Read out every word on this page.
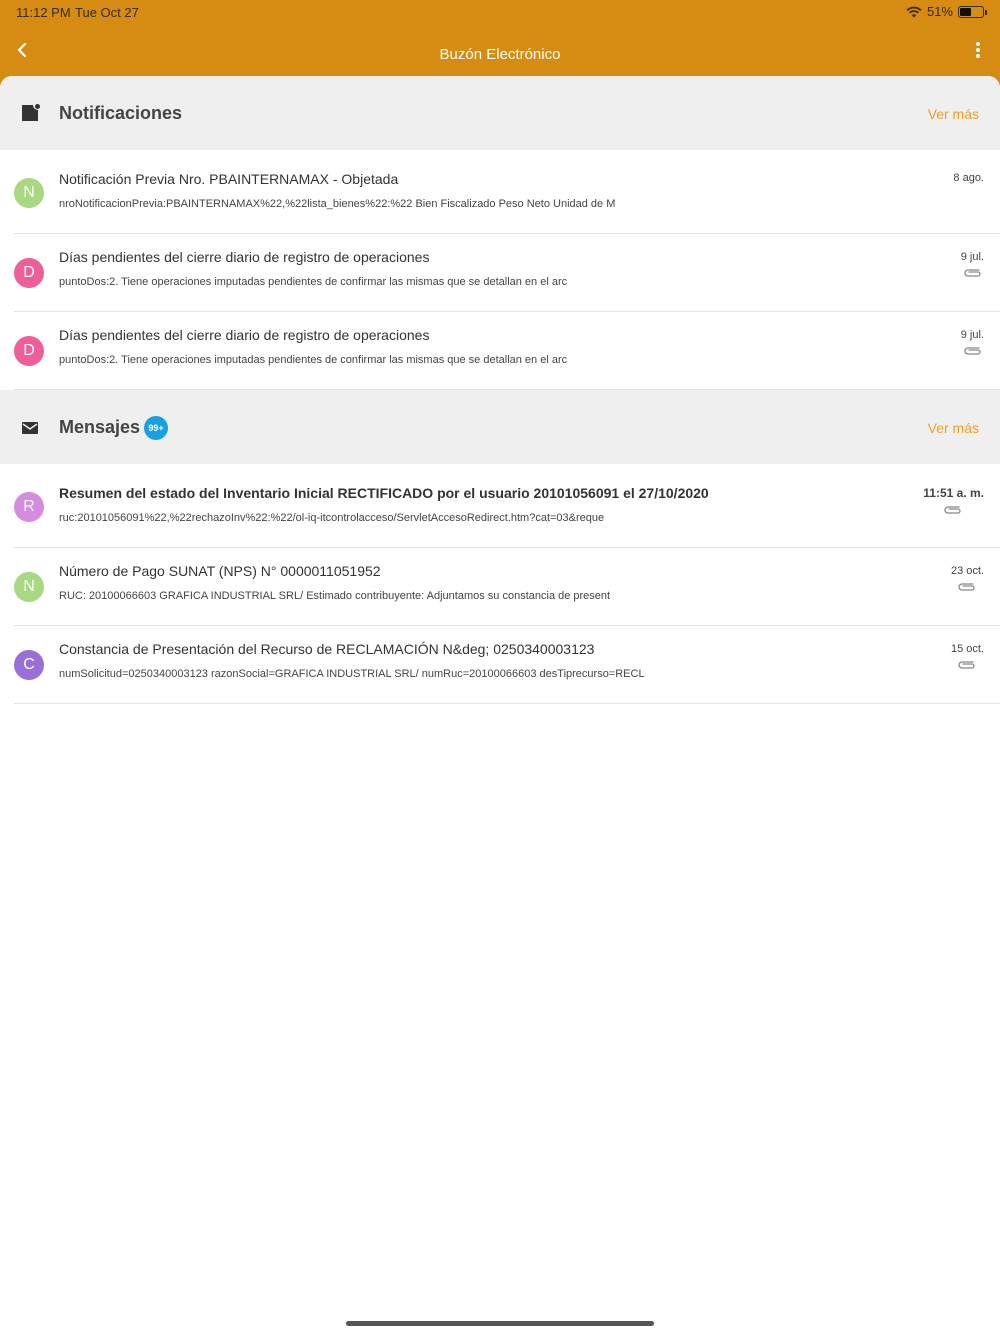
11:12 PM Tue Oct 27	51%
Buzón Electrónico
Notificaciones	Ver más
N
Notificación Previa Nro. PBAINTERNAMAX - Objetada
nroNotificacionPrevia:PBAINTERNAMAX%22,%22lista_bienes%22:%22 Bien Fiscalizado Peso Neto Unidad de M
8 ago.
D
Días pendientes del cierre diario de registro de operaciones
puntoDos:2. Tiene operaciones imputadas pendientes de confirmar las mismas que se detallan en el arc
9 jul.
D
Días pendientes del cierre diario de registro de operaciones
puntoDos:2. Tiene operaciones imputadas pendientes de confirmar las mismas que se detallan en el arc
9 jul.
Mensajes 99+	Ver más
R
Resumen del estado del Inventario Inicial RECTIFICADO por el usuario 20101056091 el 27/10/2020
ruc:20101056091%22,%22rechazoInv%22:%22/ol-iq-itcontrolacceso/ServletAccesoRedirect.htm?cat=03&reque
11:51 a. m.
N
Número de Pago SUNAT (NPS) N° 0000011051952
RUC: 20100066603 GRAFICA INDUSTRIAL SRL/ Estimado contribuyente: Adjuntamos su constancia de present
23 oct.
C
Constancia de Presentación del Recurso de RECLAMACIÓN N&deg; 0250340003123
numSolicitud=0250340003123 razonSocial=GRAFICA INDUSTRIAL SRL/ numRuc=20100066603 desTiprecurso=RECL
15 oct.
